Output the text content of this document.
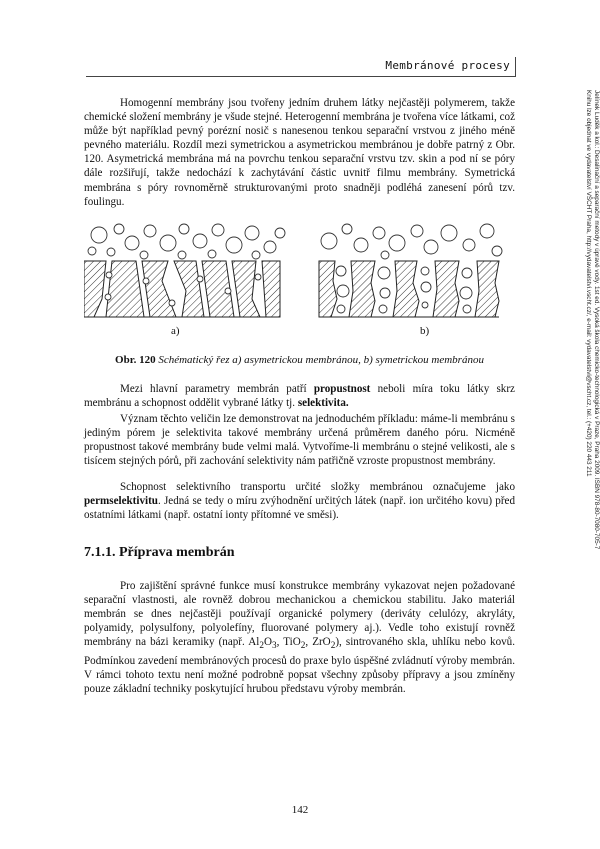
Membránové procesy
Jelínek Luděk a kol.: Desalinační a separační metody v úpravě vody. 1st ed. Vysoká škola chemicko-technologická v Praze, Praha 2009. ISBN 978-80-7080-705-7
Knihu lze objednat ve vydavatelství VŠCHT Praha, http://vydavatelstvi.vscht.cz/, e-mail: vydavatelstvi@vscht.cz, tel.: (+420) 220 443 211

Homogenní membrány jsou tvořeny jedním druhem látky nejčastěji polymerem, takže chemické složení membrány je všude stejné. Heterogenní membrána je tvořena více látkami, což může být například pevný porézní nosič s nanesenou tenkou separační vrstvou z jiného méně pevného materiálu. Rozdíl mezi symetrickou a asymetrickou membránou je dobře patrný z Obr. 120. Asymetrická membrána má na povrchu tenkou separační vrstvu tzv. skin a pod ní se póry dále rozšiřují, takže nedochází k zachytávání částic uvnitř filmu membrány. Symetrická membrána s póry rovnoměrně strukturovanými proto snadněji podléhá zanesení pórů tzv. foulingu.

a)	b)
Obr. 120 Schématický řez a) asymetrickou membránou, b) symetrickou membránou

Mezi hlavní parametry membrán patří propustnost neboli míra toku látky skrz membránu a schopnost oddělit vybrané látky tj. selektivita.

Význam těchto veličin lze demonstrovat na jednoduchém příkladu: máme-li membránu s jediným pórem je selektivita takové membrány určená průměrem daného póru. Nicméně propustnost takové membrány bude velmi malá. Vytvoříme-li membránu o stejné velikosti, ale s tisícem stejných pórů, při zachování selektivity nám patřičně vzroste propustnost membrány.

Schopnost selektivního transportu určité složky membránou označujeme jako permselektivitu. Jedná se tedy o míru zvýhodnění určitých látek (např. ion určitého kovu) před ostatními látkami (např. ostatní ionty přítomné ve směsi).

7.1.1. Příprava membrán

Pro zajištění správné funkce musí konstrukce membrány vykazovat nejen požadované separační vlastnosti, ale rovněž dobrou mechanickou a chemickou stabilitu. Jako materiál membrán se dnes nejčastěji používají organické polymery (deriváty celulózy, akryláty, polyamidy, polysulfony, polyolefíny, fluorované polymery aj.). Vedle toho existují rovněž membrány na bázi keramiky (např. $Al_2O_3$, TiO$_2$, ZrO$_2$), sintrovaného skla, uhlíku nebo kovů. Podmínkou zavedení membránových procesů do praxe bylo úspěšné zvládnutí výroby membrán. V rámci tohoto textu není možné podrobně popsat všechny způsoby přípravy a jsou zmíněny pouze základní techniky poskytující hrubou představu výroby membrán.

142
